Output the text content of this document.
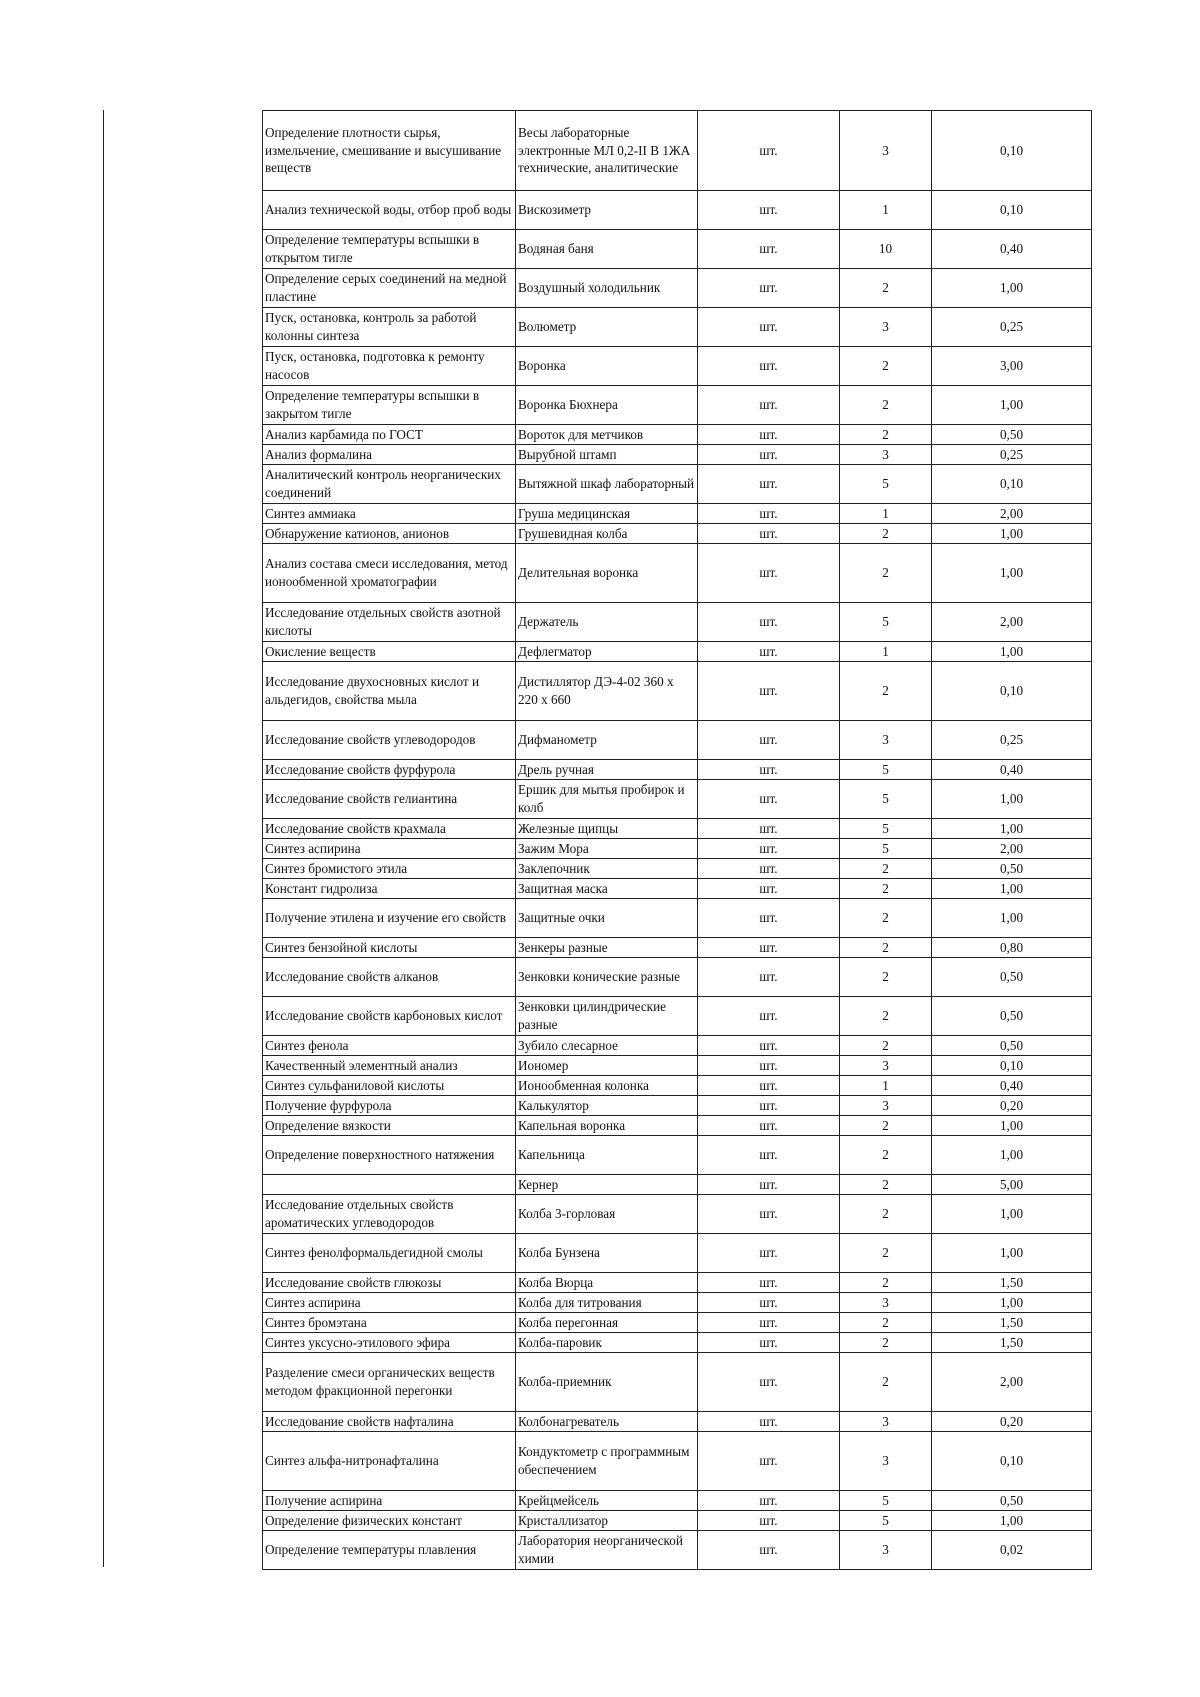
Определение плотности сырья, измельчение, смешивание и высушивание веществ	Весы лабораторные электронные МЛ 0,2-II В 1ЖА технические, аналитические	шт.	3	0,10
Анализ технической воды, отбор проб воды	Вискозиметр	шт.	1	0,10
Определение температуры вспышки в открытом тигле	Водяная баня	шт.	10	0,40
Определение серых соединений на медной пластине	Воздушный холодильник	шт.	2	1,00
Пуск, остановка, контроль за работой колонны синтеза	Волюметр	шт.	3	0,25
Пуск, остановка, подготовка к ремонту насосов	Воронка	шт.	2	3,00
Определение температуры вспышки в закрытом тигле	Воронка Бюхнера	шт.	2	1,00
Анализ карбамида по ГОСТ	Вороток для метчиков	шт.	2	0,50
Анализ формалина	Вырубной штамп	шт.	3	0,25
Аналитический контроль неорганических соединений	Вытяжной шкаф лабораторный	шт.	5	0,10
Синтез аммиака	Груша медицинская	шт.	1	2,00
Обнаружение катионов, анионов	Грушевидная колба	шт.	2	1,00
Анализ состава смеси исследования, метод ионообменной хроматографии	Делительная воронка	шт.	2	1,00
Исследование отдельных свойств азотной кислоты	Держатель	шт.	5	2,00
Окисление веществ	Дефлегматор	шт.	1	1,00
Исследование двухосновных кислот и альдегидов, свойства мыла	Дистиллятор ДЭ-4-02 360 х 220 х 660	шт.	2	0,10
Исследование свойств углеводородов	Дифманометр	шт.	3	0,25
Исследование свойств фурфурола	Дрель ручная	шт.	5	0,40
Исследование свойств гелиантина	Ершик для мытья пробирок и колб	шт.	5	1,00
Исследование свойств крахмала	Железные щипцы	шт.	5	1,00
Синтез аспирина	Зажим Мора	шт.	5	2,00
Синтез бромистого этила	Заклепочник	шт.	2	0,50
Констант гидролиза	Защитная маска	шт.	2	1,00
Получение этилена и изучение его свойств	Защитные очки	шт.	2	1,00
Синтез бензойной кислоты	Зенкеры разные	шт.	2	0,80
Исследование свойств алканов	Зенковки конические разные	шт.	2	0,50
Исследование свойств карбоновых кислот	Зенковки цилиндрические разные	шт.	2	0,50
Синтез фенола	Зубило слесарное	шт.	2	0,50
Качественный элементный анализ	Иономер	шт.	3	0,10
Синтез сульфаниловой кислоты	Ионообменная колонка	шт.	1	0,40
Получение фурфурола	Калькулятор	шт.	3	0,20
Определение вязкости	Капельная воронка	шт.	2	1,00
Определение поверхностного натяжения	Капельница	шт.	2	1,00
	Кернер	шт.	2	5,00
Исследование отдельных свойств ароматических углеводородов	Колба 3-горловая	шт.	2	1,00
Синтез фенолформальдегидной смолы	Колба Бунзена	шт.	2	1,00
Исследование свойств глюкозы	Колба Вюрца	шт.	2	1,50
Синтез аспирина	Колба для титрования	шт.	3	1,00
Синтез бромэтана	Колба перегонная	шт.	2	1,50
Синтез уксусно-этилового эфира	Колба-паровик	шт.	2	1,50
Разделение смеси органических веществ методом фракционной перегонки	Колба-приемник	шт.	2	2,00
Исследование свойств нафталина	Колбонагреватель	шт.	3	0,20
Синтез альфа-нитронафталина	Кондуктометр с программным обеспечением	шт.	3	0,10
Получение аспирина	Крейцмейсель	шт.	5	0,50
Определение физических констант	Кристаллизатор	шт.	5	1,00
Определение температуры плавления	Лаборатория неорганической химии	шт.	3	0,02
